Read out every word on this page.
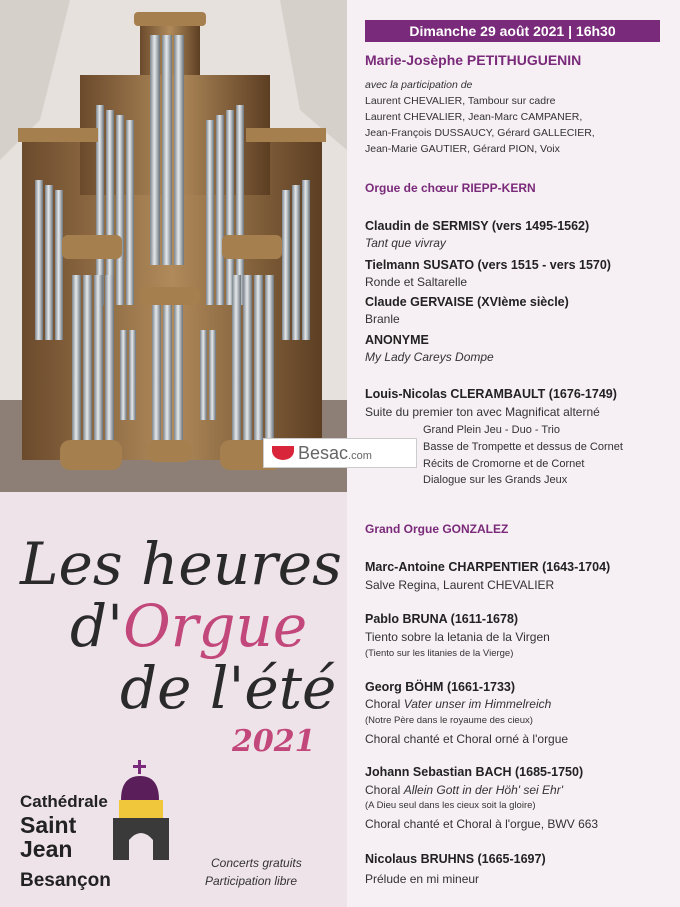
Besac.com
Les heures
d'Orgue
de l'été
2021
Cathédrale
Saint
Jean
Besançon
Concerts gratuits
Participation libre
Dimanche 29 août 2021 | 16h30
Marie-Josèphe PETITHUGUENIN
avec la participation de
Laurent CHEVALIER, Tambour sur cadre
Laurent CHEVALIER, Jean-Marc CAMPANER,
Jean-François DUSSAUCY, Gérard GALLECIER,
Jean-Marie GAUTIER, Gérard PION, Voix
Orgue de chœur RIEPP-KERN
Claudin de SERMISY (vers 1495-1562)
Tant que vivray
Tielmann SUSATO (vers 1515 - vers 1570)
Ronde et Saltarelle
Claude GERVAISE (XVIème siècle)
Branle
ANONYME
My Lady Careys Dompe
Louis-Nicolas CLERAMBAULT (1676-1749)
Suite du premier ton avec Magnificat alterné
Grand Plein Jeu - Duo - Trio
Basse de Trompette et dessus de Cornet
Récits de Cromorne et de Cornet
Dialogue sur les Grands Jeux
Grand Orgue GONZALEZ
Marc-Antoine CHARPENTIER (1643-1704)
Salve Regina, Laurent CHEVALIER
Pablo BRUNA (1611-1678)
Tiento sobre la letania de la Virgen
(Tiento sur les litanies de la Vierge)
Georg BÖHM (1661-1733)
Choral Vater unser im Himmelreich
(Notre Père dans le royaume des cieux)
Choral chanté et Choral orné à l'orgue
Johann Sebastian BACH (1685-1750)
Choral Allein Gott in der Höh' sei Ehr'
(A Dieu seul dans les cieux soit la gloire)
Choral chanté et Choral à l'orgue, BWV 663
Nicolaus BRUHNS (1665-1697)
Prélude en mi mineur
